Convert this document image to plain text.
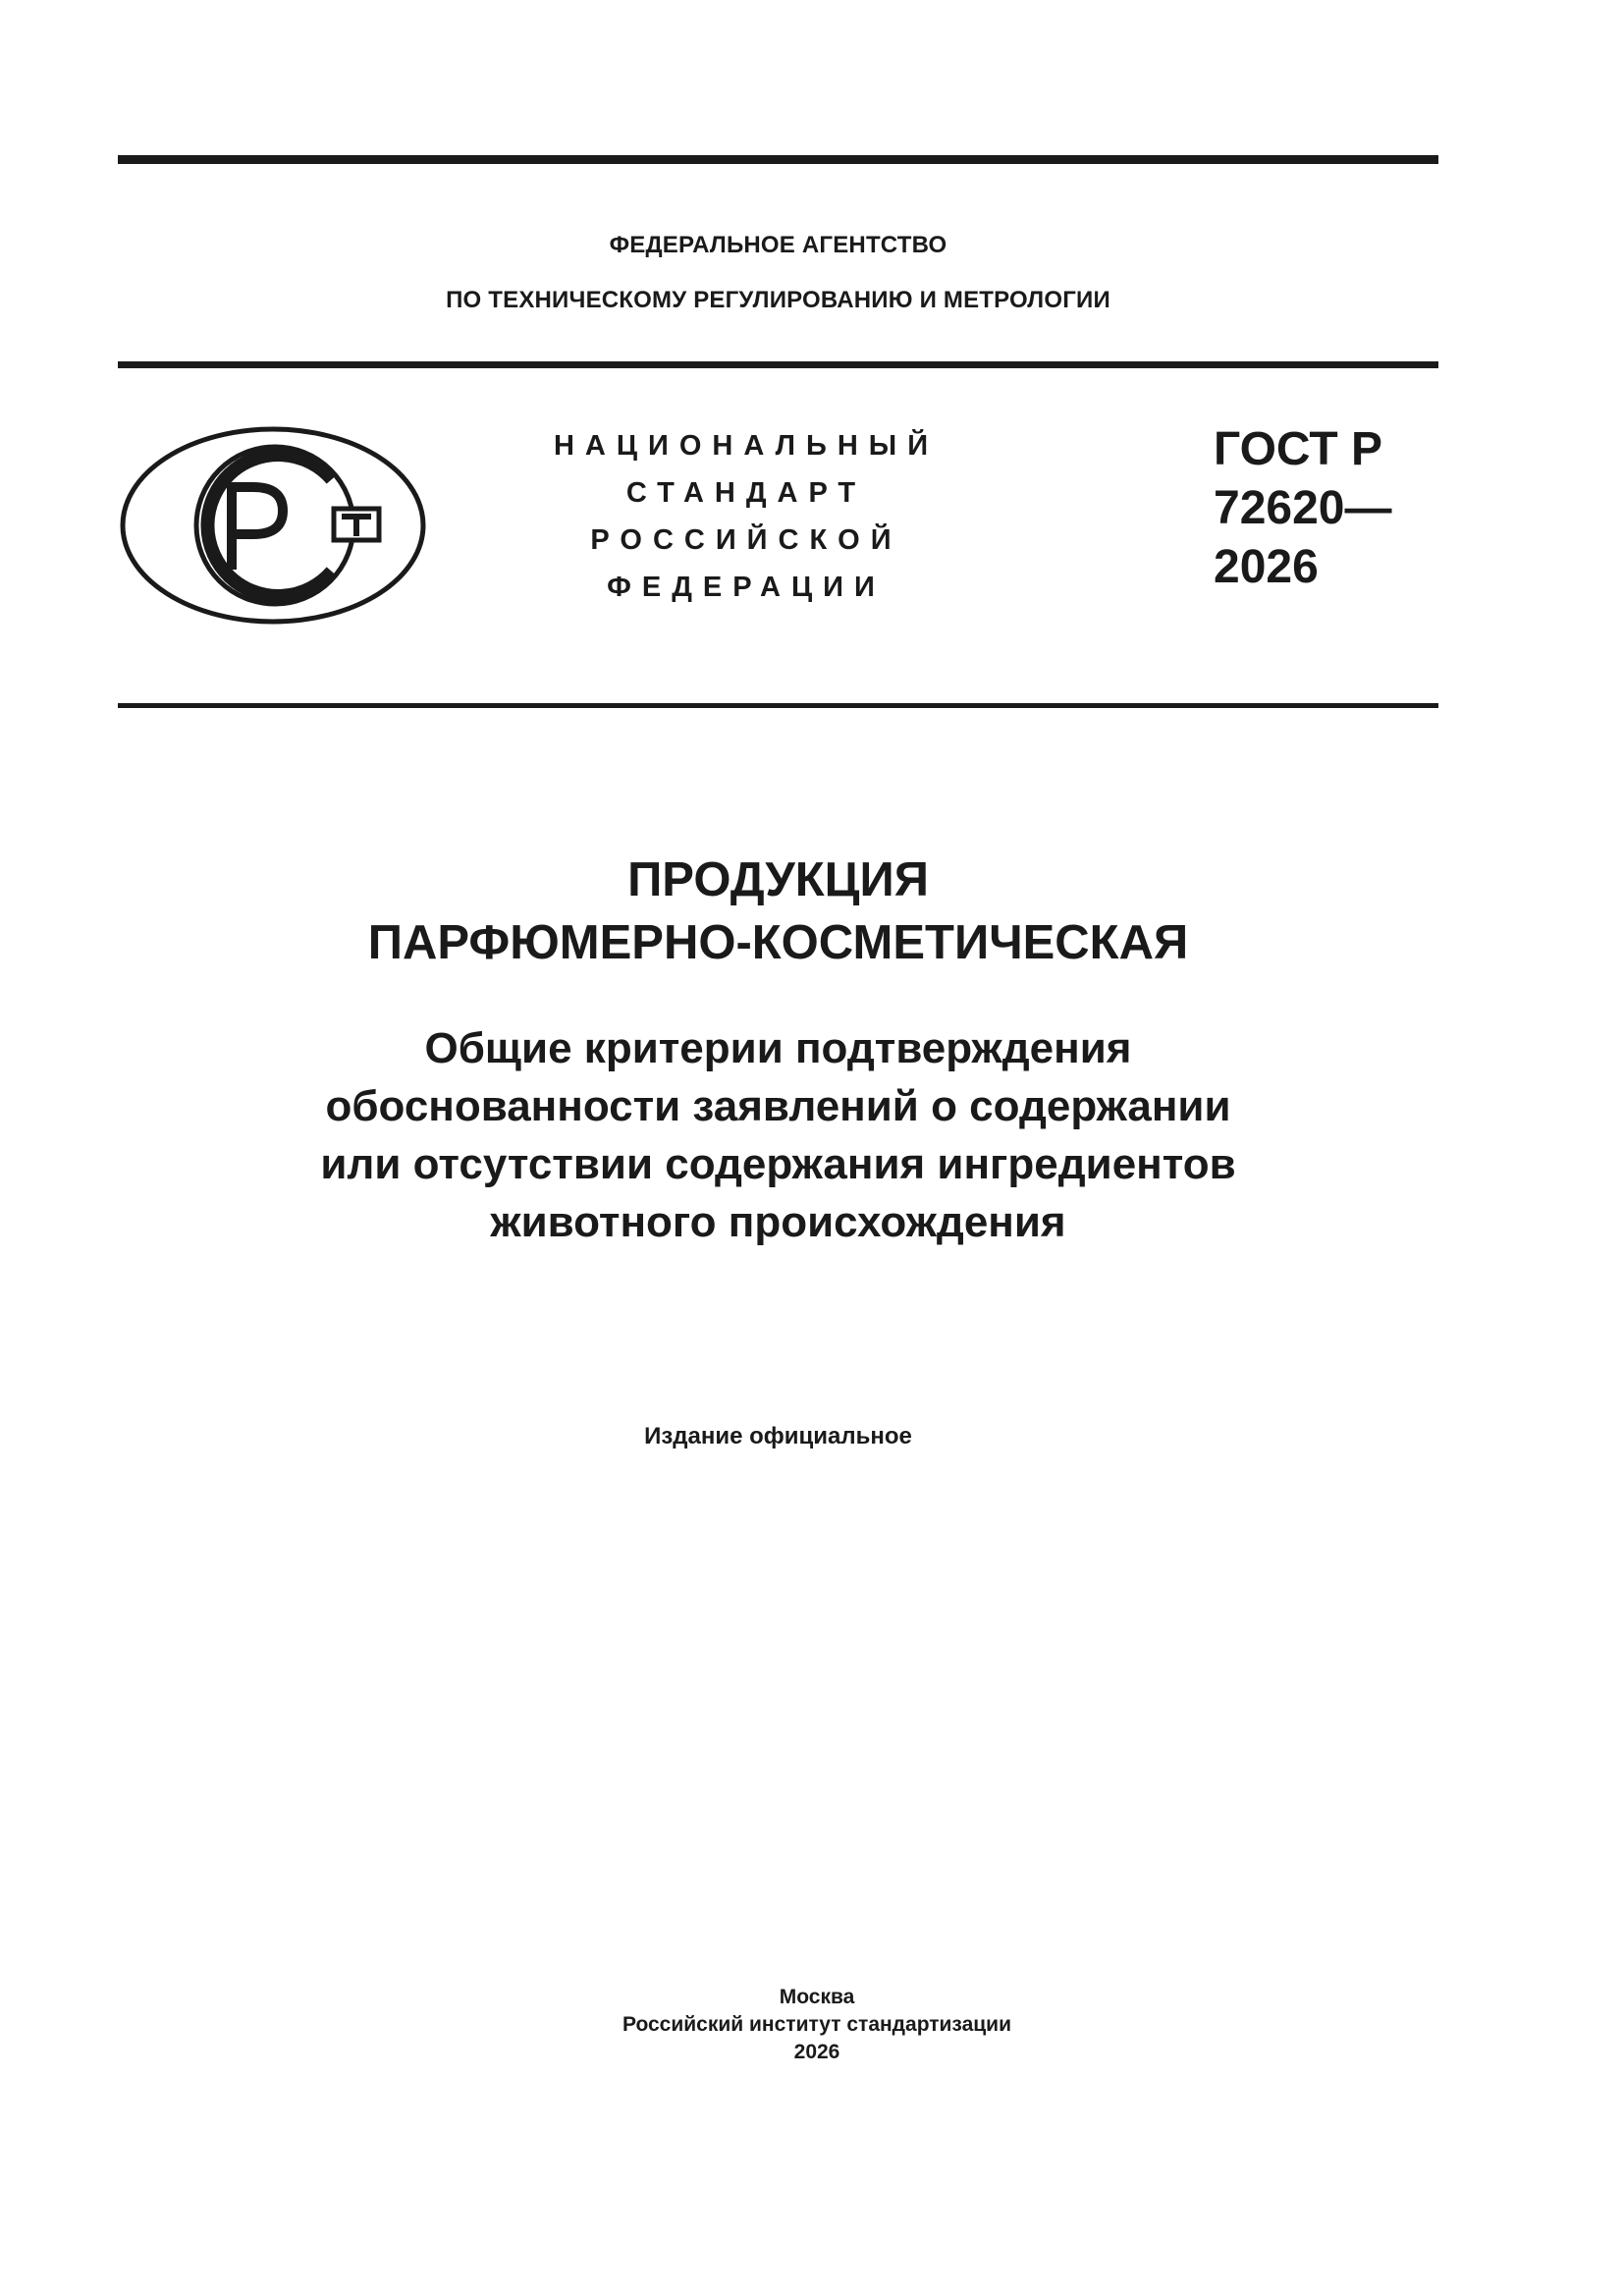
ФЕДЕРАЛЬНОЕ АГЕНТСТВО
ПО ТЕХНИЧЕСКОМУ РЕГУЛИРОВАНИЮ И МЕТРОЛОГИИ
НАЦИОНАЛЬНЫЙ
СТАНДАРТ
РОССИЙСКОЙ
ФЕДЕРАЦИИ
ГОСТ Р
72620—
2026
ПРОДУКЦИЯ
ПАРФЮМЕРНО-КОСМЕТИЧЕСКАЯ
Общие критерии подтверждения
обоснованности заявлений о содержании
или отсутствии содержания ингредиентов
животного происхождения
Издание официальное
Москва
Российский институт стандартизации
2026
